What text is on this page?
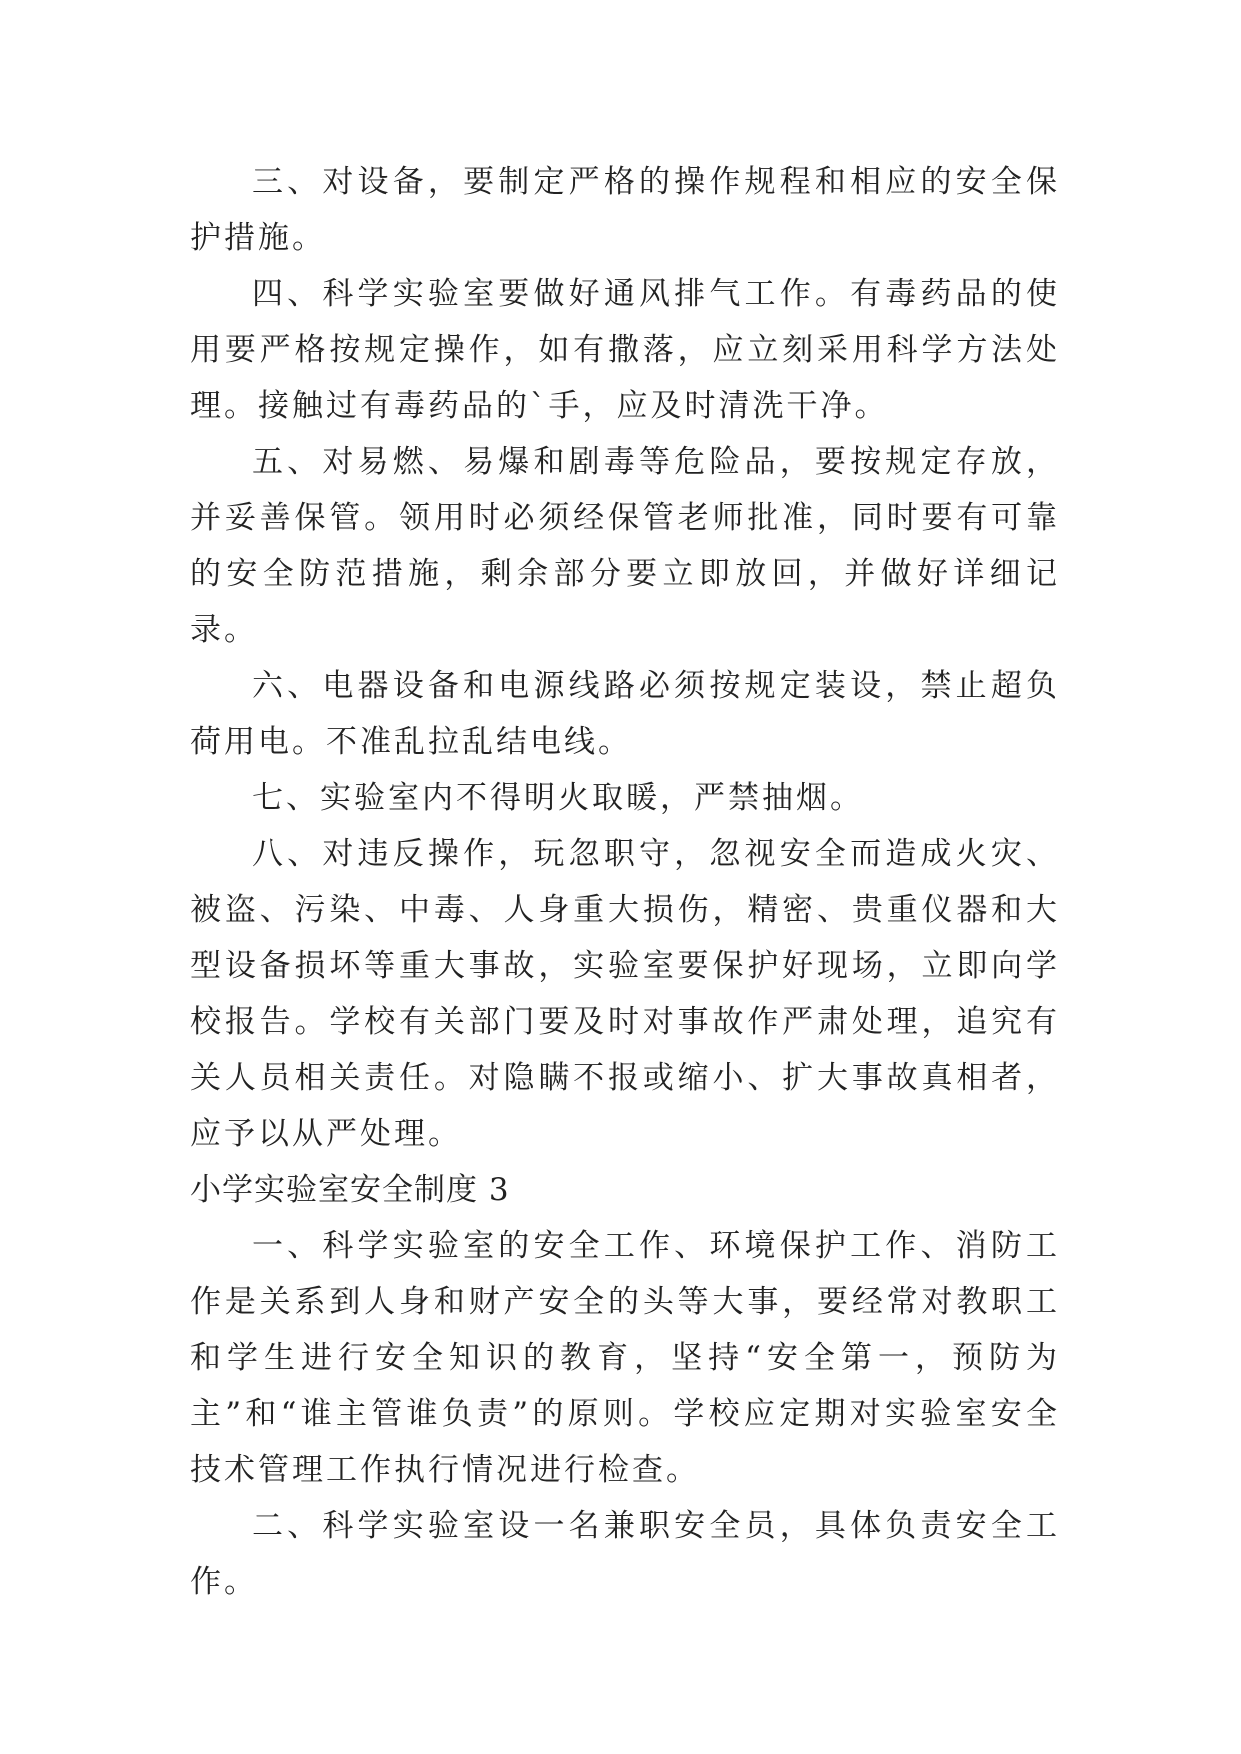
三、对设备，要制定严格的操作规程和相应的安全保护措施。

四、科学实验室要做好通风排气工作。有毒药品的使用要严格按规定操作，如有撒落，应立刻采用科学方法处理。接触过有毒药品的`手，应及时清洗干净。

五、对易燃、易爆和剧毒等危险品，要按规定存放，并妥善保管。领用时必须经保管老师批准，同时要有可靠的安全防范措施，剩余部分要立即放回，并做好详细记录。

六、电器设备和电源线路必须按规定装设，禁止超负荷用电。不准乱拉乱结电线。

七、实验室内不得明火取暖，严禁抽烟。

八、对违反操作，玩忽职守，忽视安全而造成火灾、被盗、污染、中毒、人身重大损伤，精密、贵重仪器和大型设备损坏等重大事故，实验室要保护好现场，立即向学校报告。学校有关部门要及时对事故作严肃处理，追究有关人员相关责任。对隐瞒不报或缩小、扩大事故真相者，应予以从严处理。

小学实验室安全制度 3

一、科学实验室的安全工作、环境保护工作、消防工作是关系到人身和财产安全的头等大事，要经常对教职工和学生进行安全知识的教育，坚持“安全第一，预防为主”和“谁主管谁负责”的原则。学校应定期对实验室安全技术管理工作执行情况进行检查。

二、科学实验室设一名兼职安全员，具体负责安全工作。
